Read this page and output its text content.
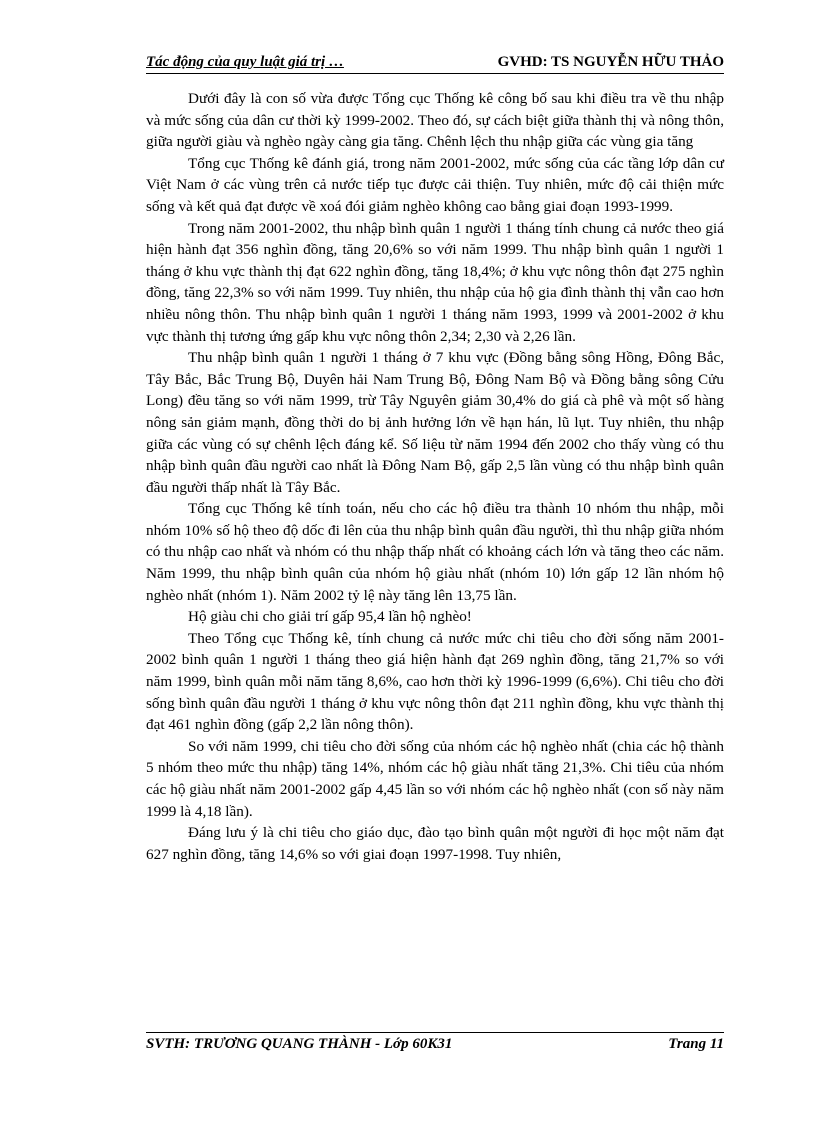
Tác động của quy luật giá trị …	GVHD: TS NGUYỄN HỮU THẢO

Dưới đây là con số vừa được Tổng cục Thống kê công bố sau khi điều tra về thu nhập và mức sống của dân cư thời kỳ 1999-2002. Theo đó, sự cách biệt giữa thành thị và nông thôn, giữa người giàu và nghèo ngày càng gia tăng. Chênh lệch thu nhập giữa các vùng gia tăng

Tổng cục Thống kê đánh giá, trong năm 2001-2002, mức sống của các tầng lớp dân cư Việt Nam ở các vùng trên cả nước tiếp tục được cải thiện. Tuy nhiên, mức độ cải thiện mức sống và kết quả đạt được về xoá đói giảm nghèo không cao bằng giai đoạn 1993-1999.

Trong năm 2001-2002, thu nhập bình quân 1 người 1 tháng tính chung cả nước theo giá hiện hành đạt 356 nghìn đồng, tăng 20,6% so với năm 1999. Thu nhập bình quân 1 người 1 tháng ở khu vực thành thị đạt 622 nghìn đồng, tăng 18,4%; ở khu vực nông thôn đạt 275 nghìn đồng, tăng 22,3% so với năm 1999. Tuy nhiên, thu nhập của hộ gia đình thành thị vẫn cao hơn nhiều nông thôn. Thu nhập bình quân 1 người 1 tháng năm 1993, 1999 và 2001-2002 ở khu vực thành thị tương ứng gấp khu vực nông thôn 2,34; 2,30 và 2,26 lần.

Thu nhập bình quân 1 người 1 tháng ở 7 khu vực (Đồng bằng sông Hồng, Đông Bắc, Tây Bắc, Bắc Trung Bộ, Duyên hải Nam Trung Bộ, Đông Nam Bộ và Đồng bằng sông Cửu Long) đều tăng so với năm 1999, trừ Tây Nguyên giảm 30,4% do giá cà phê và một số hàng nông sản giảm mạnh, đồng thời do bị ảnh hưởng lớn về hạn hán, lũ lụt. Tuy nhiên, thu nhập giữa các vùng có sự chênh lệch đáng kể. Số liệu từ năm 1994 đến 2002 cho thấy vùng có thu nhập bình quân đầu người cao nhất là Đông Nam Bộ, gấp 2,5 lần vùng có thu nhập bình quân đầu người thấp nhất là Tây Bắc.

Tổng cục Thống kê tính toán, nếu cho các hộ điều tra thành 10 nhóm thu nhập, mỗi nhóm 10% số hộ theo độ dốc đi lên của thu nhập bình quân đầu người, thì thu nhập giữa nhóm có thu nhập cao nhất và nhóm có thu nhập thấp nhất có khoảng cách lớn và tăng theo các năm. Năm 1999, thu nhập bình quân của nhóm hộ giàu nhất (nhóm 10) lớn gấp 12 lần nhóm hộ nghèo nhất (nhóm 1). Năm 2002 tỷ lệ này tăng lên 13,75 lần.

Hộ giàu chi cho giải trí gấp 95,4 lần hộ nghèo!

Theo Tổng cục Thống kê, tính chung cả nước mức chi tiêu cho đời sống năm 2001-2002 bình quân 1 người 1 tháng theo giá hiện hành đạt 269 nghìn đồng, tăng 21,7% so với năm 1999, bình quân mỗi năm tăng 8,6%, cao hơn thời kỳ 1996-1999 (6,6%). Chi tiêu cho đời sống bình quân đầu người 1 tháng ở khu vực nông thôn đạt 211 nghìn đồng, khu vực thành thị đạt 461 nghìn đồng (gấp 2,2 lần nông thôn).

So với năm 1999, chi tiêu cho đời sống của nhóm các hộ nghèo nhất (chia các hộ thành 5 nhóm theo mức thu nhập) tăng 14%, nhóm các hộ giàu nhất tăng 21,3%. Chi tiêu của nhóm các hộ giàu nhất năm 2001-2002 gấp 4,45 lần so với nhóm các hộ nghèo nhất (con số này năm 1999 là 4,18 lần).

Đáng lưu ý là chi tiêu cho giáo dục, đào tạo bình quân một người đi học một năm đạt 627 nghìn đồng, tăng 14,6% so với giai đoạn 1997-1998. Tuy nhiên,

SVTH: TRƯƠNG QUANG THÀNH - Lớp 60K31	Trang 11
